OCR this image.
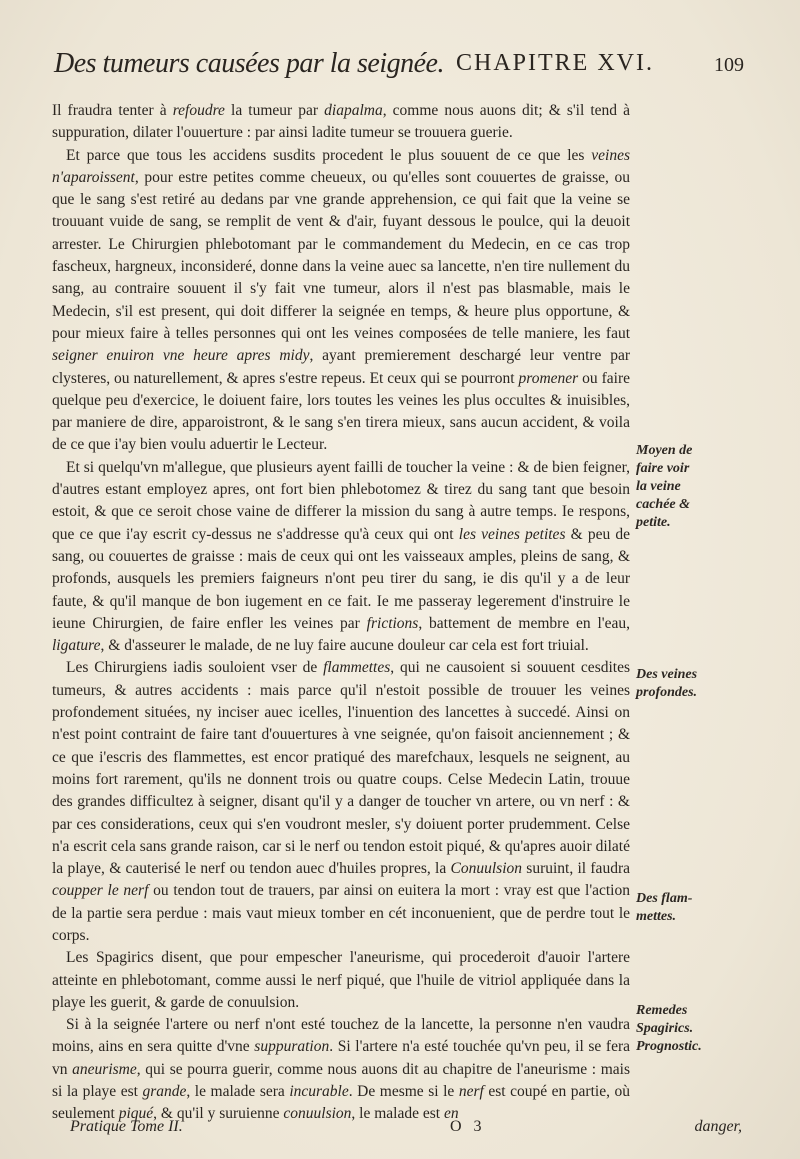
Des tumeurs causées par la seignée. CHAPITRE XVI.	109

Il fraudra tenter à refoudre la tumeur par diapalma, comme nous auons dit; & s'il tend à suppuration, dilater l'ouuerture : par ainsi ladite tumeur se trouuera guerie.

Et parce que tous les accidens susdits procedent le plus souuent de ce que les veines n'aparoissent, pour estre petites comme cheueux, ou qu'elles sont couuertes de graisse, ou que le sang s'est retiré au dedans par vne grande apprehension, ce qui fait que la veine se trouuant vuide de sang, se remplit de vent & d'air, fuyant dessous le poulce, qui la deuoit arrester. Le Chirurgien phlebotomant par le commandement du Medecin, en ce cas trop fascheux, hargneux, inconsideré, donne dans la veine auec sa lancette, n'en tire nullement du sang, au contraire souuent il s'y fait vne tumeur, alors il n'est pas blasmable, mais le Medecin, s'il est present, qui doit differer la seignée en temps, & heure plus opportune, & pour mieux faire à telles personnes qui ont les veines composées de telle maniere, les faut seigner enuiron vne heure apres midy, ayant premierement deschargé leur ventre par clysteres, ou naturellement, & apres s'estre repeus. Et ceux qui se pourront promener ou faire quelque peu d'exercice, le doiuent faire, lors toutes les veines les plus occultes & inuisibles, par maniere de dire, apparoistront, & le sang s'en tirera mieux, sans aucun accident, & voila de ce que i'ay bien voulu aduertir le Lecteur.

Et si quelqu'vn m'allegue, que plusieurs ayent failli de toucher la veine : & de bien feigner, d'autres estant employez apres, ont fort bien phlebotomez & tirez du sang tant que besoin estoit, & que ce seroit chose vaine de differer la mission du sang à autre temps. Ie respons, que ce que i'ay escrit cy-dessus ne s'addresse qu'à ceux qui ont les veines petites & peu de sang, ou couuertes de graisse : mais de ceux qui ont les vaisseaux amples, pleins de sang, & profonds, ausquels les premiers faigneurs n'ont peu tirer du sang, ie dis qu'il y a de leur faute, & qu'il manque de bon iugement en ce fait. Ie me passeray legerement d'instruire le ieune Chirurgien, de faire enfler les veines par frictions, battement de membre en l'eau, ligature, & d'asseurer le malade, de ne luy faire aucune douleur car cela est fort triuial.

Les Chirurgiens iadis souloient vser de flammettes, qui ne causoient si souuent cesdites tumeurs, & autres accidents : mais parce qu'il n'estoit possible de trouuer les veines profondement situées, ny inciser auec icelles, l'inuention des lancettes à succedé. Ainsi on n'est point contraint de faire tant d'ouuertures à vne seignée, qu'on faisoit anciennement ; & ce que i'escris des flammettes, est encor pratiqué des marefchaux, lesquels ne seignent, au moins fort rarement, qu'ils ne donnent trois ou quatre coups. Celse Medecin Latin, trouue des grandes difficultez à seigner, disant qu'il y a danger de toucher vn artere, ou vn nerf : & par ces considerations, ceux qui s'en voudront mesler, s'y doiuent porter prudemment. Celse n'a escrit cela sans grande raison, car si le nerf ou tendon estoit piqué, & qu'apres auoir dilaté la playe, & cauterisé le nerf ou tendon auec d'huiles propres, la Conuulsion suruint, il faudra coupper le nerf ou tendon tout de trauers, par ainsi on euitera la mort : vray est que l'action de la partie sera perdue : mais vaut mieux tomber en cét inconuenient, que de perdre tout le corps.

Les Spagirics disent, que pour empescher l'aneurisme, qui procederoit d'auoir l'artere atteinte en phlebotomant, comme aussi le nerf piqué, que l'huile de vitriol appliquée dans la playe les guerit, & garde de conuulsion.

Si à la seignée l'artere ou nerf n'ont esté touchez de la lancette, la personne n'en vaudra moins, ains en sera quitte d'vne suppuration. Si l'artere n'a esté touchée qu'vn peu, il se fera vn aneurisme, qui se pourra guerir, comme nous auons dit au chapitre de l'aneurisme : mais si la playe est grande, le malade sera incurable. De mesme si le nerf est coupé en partie, où seulement piqué, & qu'il y suruienne conuulsion, le malade est en

Moyen de
faire voir
la veine
cachée &
petite.
Des veines
profondes.
Des flam-
mettes.
Remedes
Spagirics.
Prognostic.
Pratique Tome II.	O 3	danger,
